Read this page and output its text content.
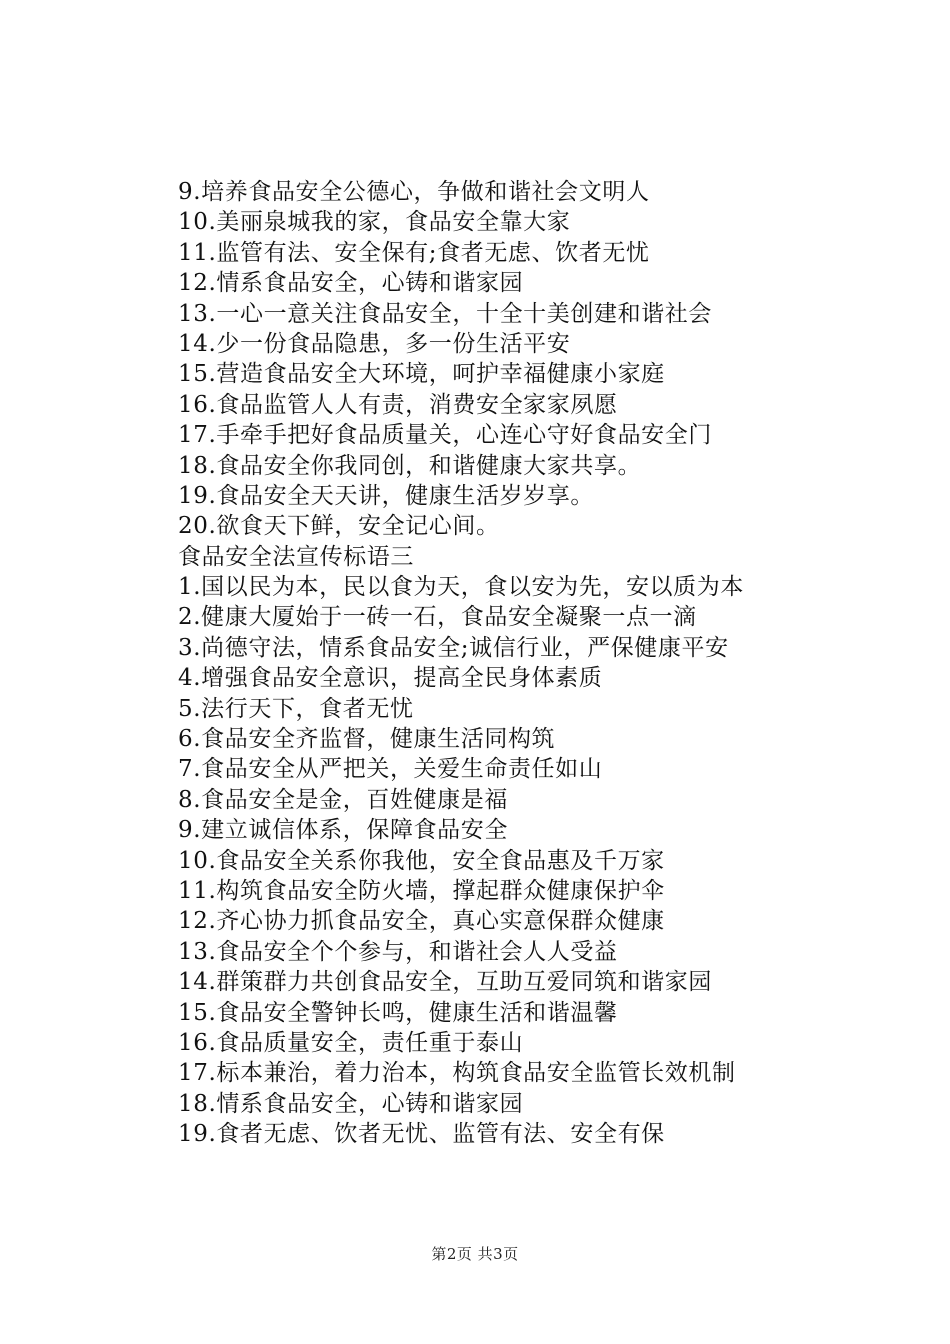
9.培养食品安全公德心，争做和谐社会文明人
10.美丽泉城我的家，食品安全靠大家
11.监管有法、安全保有;食者无虑、饮者无忧
12.情系食品安全，心铸和谐家园
13.一心一意关注食品安全，十全十美创建和谐社会
14.少一份食品隐患，多一份生活平安
15.营造食品安全大环境，呵护幸福健康小家庭
16.食品监管人人有责，消费安全家家夙愿
17.手牵手把好食品质量关，心连心守好食品安全门
18.食品安全你我同创，和谐健康大家共享。
19.食品安全天天讲，健康生活岁岁享。
20.欲食天下鲜，安全记心间。
食品安全法宣传标语三
1.国以民为本，民以食为天，食以安为先，安以质为本
2.健康大厦始于一砖一石，食品安全凝聚一点一滴
3.尚德守法，情系食品安全;诚信行业，严保健康平安
4.增强食品安全意识，提高全民身体素质
5.法行天下，食者无忧
6.食品安全齐监督，健康生活同构筑
7.食品安全从严把关，关爱生命责任如山
8.食品安全是金，百姓健康是福
9.建立诚信体系，保障食品安全
10.食品安全关系你我他，安全食品惠及千万家
11.构筑食品安全防火墙，撑起群众健康保护伞
12.齐心协力抓食品安全，真心实意保群众健康
13.食品安全个个参与，和谐社会人人受益
14.群策群力共创食品安全，互助互爱同筑和谐家园
15.食品安全警钟长鸣，健康生活和谐温馨
16.食品质量安全，责任重于泰山
17.标本兼治，着力治本，构筑食品安全监管长效机制
18.情系食品安全，心铸和谐家园
19.食者无虑、饮者无忧、监管有法、安全有保
第2页 共3页
